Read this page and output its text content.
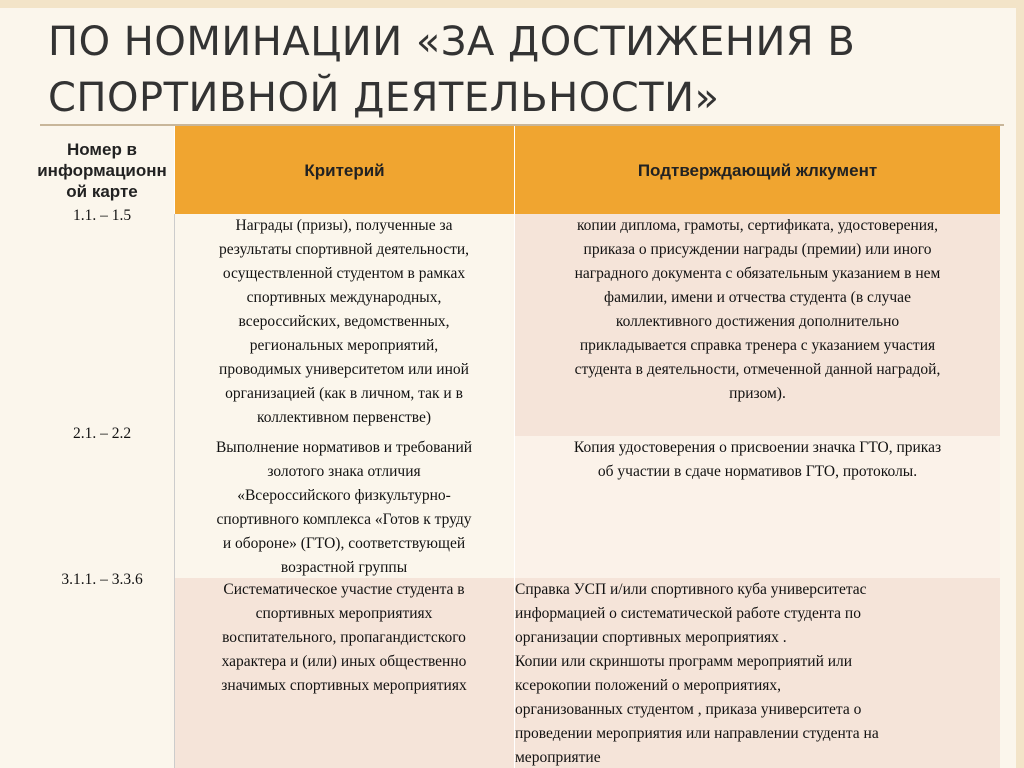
ПО НОМИНАЦИИ «ЗА ДОСТИЖЕНИЯ В
СПОРТИВНОЙ ДЕЯТЕЛЬНОСТИ»
Номер в информационн ой карте
Критерий	Подтверждающий жлкумент
1.1. – 1.5
Награды (призы), полученные за
результаты спортивной деятельности,
осуществленной студентом в рамках
спортивных международных,
всероссийских, ведомственных,
региональных мероприятий,
проводимых университетом или иной
организацией (как в личном, так и в
коллективном первенстве)
копии диплома, грамоты, сертификата, удостоверения,
приказа о присуждении награды (премии) или иного
наградного документа с обязательным указанием в нем
фамилии, имени и отчества студента (в случае
коллективного достижения дополнительно
прикладывается справка тренера с указанием участия
студента в деятельности, отмеченной данной наградой,
призом).
2.1. – 2.2
Выполнение нормативов и требований
золотого знака отличия
«Всероссийского физкультурно-
спортивного комплекса «Готов к труду
и обороне» (ГТО), соответствующей
возрастной группы
Копия удостоверения о присвоении значка ГТО, приказ
об участии в сдаче нормативов ГТО, протоколы.
3.1.1. – 3.3.6
Систематическое участие студента в
спортивных мероприятиях
воспитательного, пропагандистского
характера и (или) иных общественно
значимых спортивных мероприятиях
Справка УСП и/или спортивного куба университетас
информацией о систематической работе студента по
организации спортивных мероприятиях .
Копии или скриншоты программ мероприятий или
ксерокопии положений о мероприятиях,
организованных студентом , приказа университета о
проведении мероприятия или направлении студента на
мероприятие
